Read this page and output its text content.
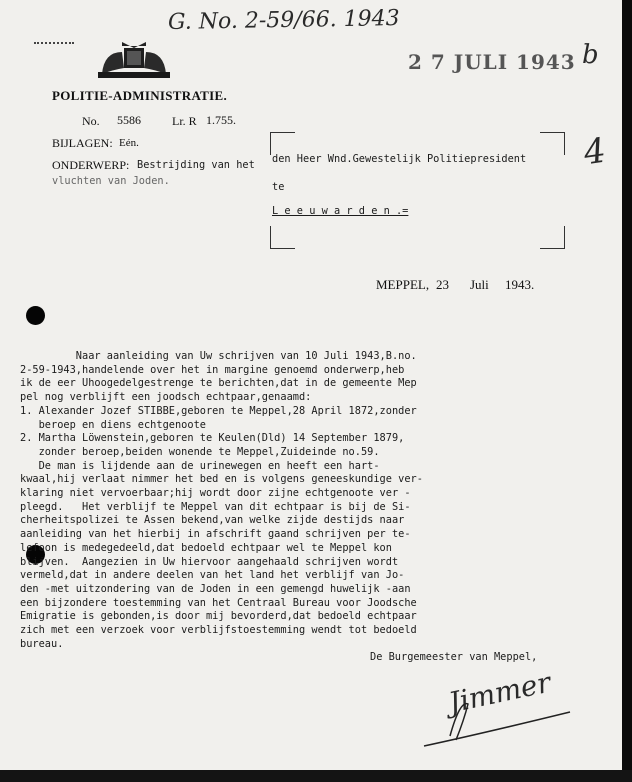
G. No. 2-59/66. 1943
2 7 JULI 1943 b
4
POLITIE-ADMINISTRATIE.
No. 5586	Lr. R 1.755.
BIJLAGEN: Eén.
ONDERWERP: Bestrijding van het
vluchten van Joden.
den Heer Wnd.Gewestelijk Politiepresident
te
L e e u w a r d e n .=
MEPPEL, 23 Juli 1943.
Naar aanleiding van Uw schrijven van 10 Juli 1943,B.no.
2-59-1943,handelende over het in margine genoemd onderwerp,heb
ik de eer Uhoogedelgestrenge te berichten,dat in de gemeente Mep
pel nog verblijft een joodsch echtpaar,genaamd:
1. Alexander Jozef STIBBE,geboren te Meppel,28 April 1872,zonder
beroep en diens echtgenoote
2. Martha Löwenstein,geboren te Keulen(Dld) 14 September 1879,
zonder beroep,beiden wonende te Meppel,Zuideinde no.59.
De man is lijdende aan de urinewegen en heeft een hart-
kwaal,hij verlaat nimmer het bed en is volgens geneeskundige ver-
klaring niet vervoerbaar;hij wordt door zijne echtgenoote ver -
pleegd.   Het verblijf te Meppel van dit echtpaar is bij de Si-
cherheitspolizei te Assen bekend,van welke zijde destijds naar
aanleiding van het hierbij in afschrift gaand schrijven per te-
lefoon is medegedeeld,dat bedoeld echtpaar wel te Meppel kon
blijven.  Aangezien in Uw hiervoor aangehaald schrijven wordt
vermeld,dat in andere deelen van het land het verblijf van Jo-
den -met uitzondering van de Joden in een gemengd huwelijk -aan
een bijzondere toestemming van het Centraal Bureau voor Joodsche
Emigratie is gebonden,is door mij bevorderd,dat bedoeld echtpaar
zich met een verzoek voor verblijfstoestemming wendt tot bedoeld
bureau.
De Burgemeester van Meppel,
Jimmer
